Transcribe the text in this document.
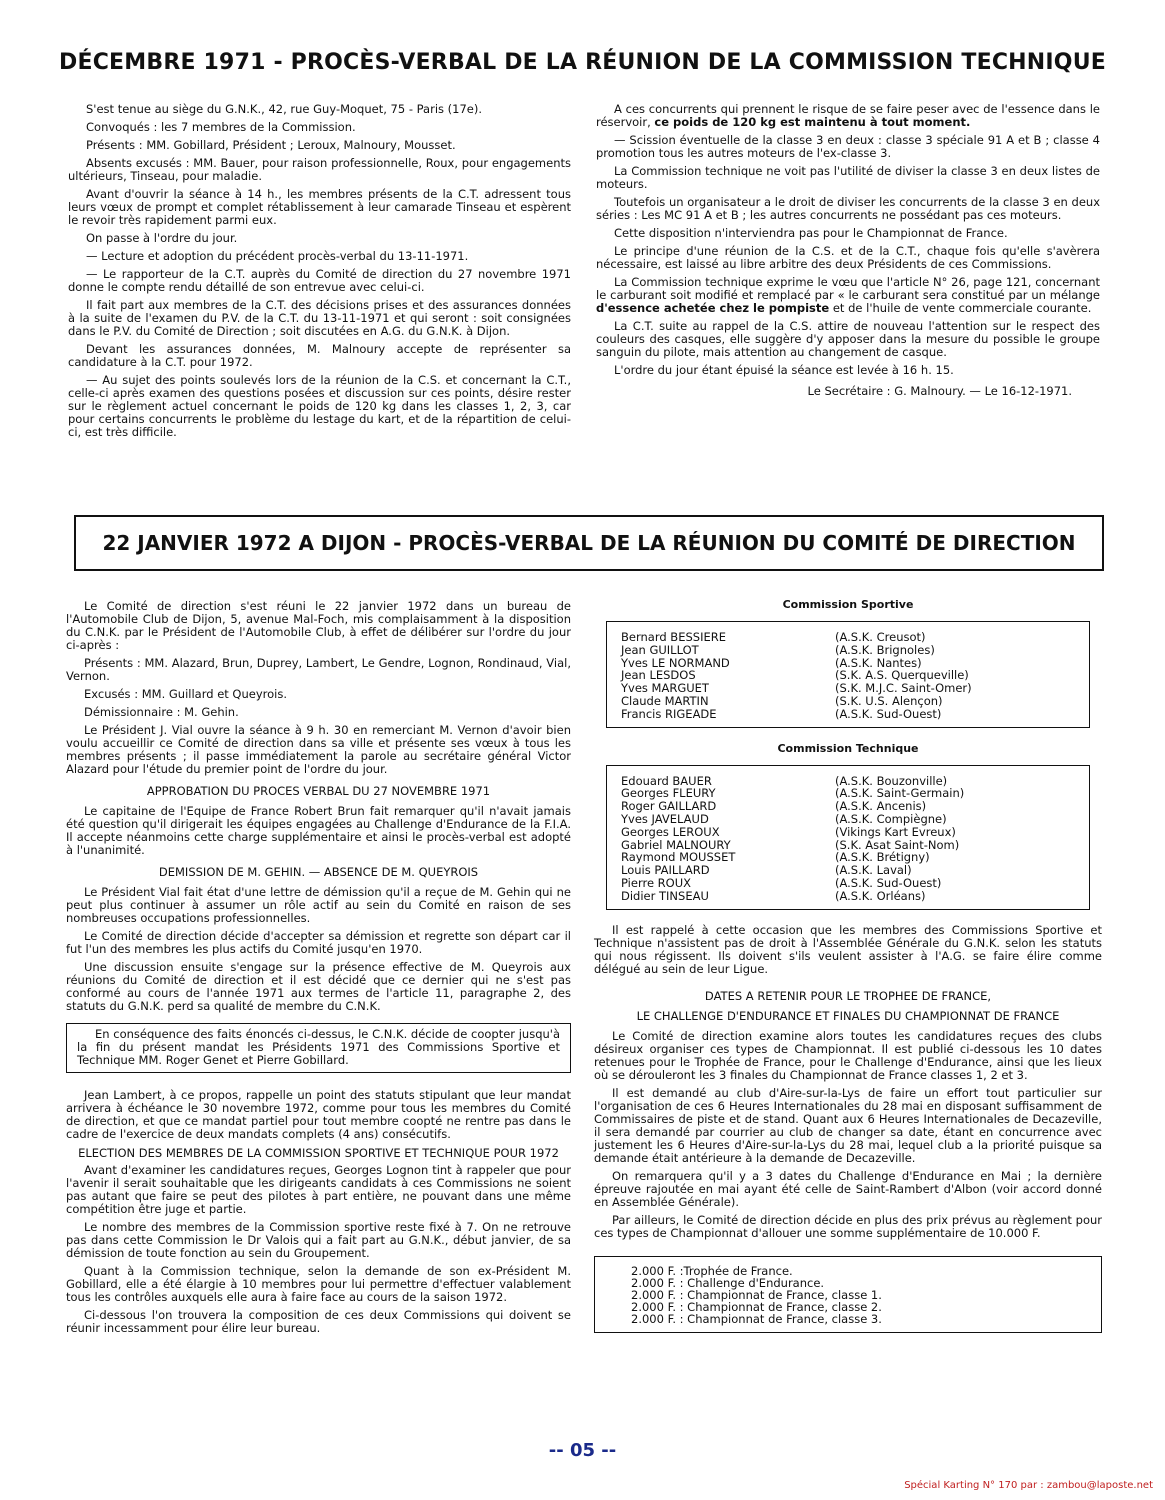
DÉCEMBRE 1971 - PROCÈS-VERBAL DE LA RÉUNION DE LA COMMISSION TECHNIQUE

S'est tenue au siège du G.N.K., 42, rue Guy-Moquet, 75 - Paris (17e).

Convoqués : les 7 membres de la Commission.

Présents : MM. Gobillard, Président ; Leroux, Malnoury, Mousset.

Absents excusés : MM. Bauer, pour raison professionnelle, Roux, pour engagements ultérieurs, Tinseau, pour maladie.

Avant d'ouvrir la séance à 14 h., les membres présents de la C.T. adressent tous leurs vœux de prompt et complet rétablissement à leur camarade Tinseau et espèrent le revoir très rapidement parmi eux.

On passe à l'ordre du jour.

— Lecture et adoption du précédent procès-verbal du 13-11-1971.

— Le rapporteur de la C.T. auprès du Comité de direction du 27 novembre 1971 donne le compte rendu détaillé de son entrevue avec celui-ci.

Il fait part aux membres de la C.T. des décisions prises et des assurances données à la suite de l'examen du P.V. de la C.T. du 13-11-1971 et qui seront : soit consignées dans le P.V. du Comité de Direction ; soit discutées en A.G. du G.N.K. à Dijon.

Devant les assurances données, M. Malnoury accepte de représenter sa candidature à la C.T. pour 1972.

— Au sujet des points soulevés lors de la réunion de la C.S. et concernant la C.T., celle-ci après examen des questions posées et discussion sur ces points, désire rester sur le règlement actuel concernant le poids de 120 kg dans les classes 1, 2, 3, car pour certains concurrents le problème du lestage du kart, et de la répartition de celui-ci, est très difficile.

A ces concurrents qui prennent le risque de se faire peser avec de l'essence dans le réservoir, ce poids de 120 kg est maintenu à tout moment.

— Scission éventuelle de la classe 3 en deux : classe 3 spéciale 91 A et B ; classe 4 promotion tous les autres moteurs de l'ex-classe 3.

La Commission technique ne voit pas l'utilité de diviser la classe 3 en deux listes de moteurs.

Toutefois un organisateur a le droit de diviser les concurrents de la classe 3 en deux séries : Les MC 91 A et B ; les autres concurrents ne possédant pas ces moteurs.

Cette disposition n'interviendra pas pour le Championnat de France.

Le principe d'une réunion de la C.S. et de la C.T., chaque fois qu'elle s'avèrera nécessaire, est laissé au libre arbitre des deux Présidents de ces Commissions.

La Commission technique exprime le vœu que l'article N° 26, page 121, concernant le carburant soit modifié et remplacé par « le carburant sera constitué par un mélange d'essence achetée chez le pompiste et de l'huile de vente commerciale courante.

La C.T. suite au rappel de la C.S. attire de nouveau l'attention sur le respect des couleurs des casques, elle suggère d'y apposer dans la mesure du possible le groupe sanguin du pilote, mais attention au changement de casque.

L'ordre du jour étant épuisé la séance est levée à 16 h. 15.

Le Secrétaire : G. Malnoury. — Le 16-12-1971.

22 JANVIER 1972 A DIJON - PROCÈS-VERBAL DE LA RÉUNION DU COMITÉ DE DIRECTION

Le Comité de direction s'est réuni le 22 janvier 1972 dans un bureau de l'Automobile Club de Dijon, 5, avenue Mal-Foch, mis complaisamment à la disposition du C.N.K. par le Président de l'Automobile Club, à effet de délibérer sur l'ordre du jour ci-après :

Présents : MM. Alazard, Brun, Duprey, Lambert, Le Gendre, Lognon, Rondinaud, Vial, Vernon.

Excusés : MM. Guillard et Queyrois.

Démissionnaire : M. Gehin.

Le Président J. Vial ouvre la séance à 9 h. 30 en remerciant M. Vernon d'avoir bien voulu accueillir ce Comité de direction dans sa ville et présente ses vœux à tous les membres présents ; il passe immédiatement la parole au secrétaire général Victor Alazard pour l'étude du premier point de l'ordre du jour.

APPROBATION DU PROCES VERBAL DU 27 NOVEMBRE 1971

Le capitaine de l'Equipe de France Robert Brun fait remarquer qu'il n'avait jamais été question qu'il dirigerait les équipes engagées au Challenge d'Endurance de la F.I.A. Il accepte néanmoins cette charge supplémentaire et ainsi le procès-verbal est adopté à l'unanimité.

DEMISSION DE M. GEHIN. — ABSENCE DE M. QUEYROIS

Le Président Vial fait état d'une lettre de démission qu'il a reçue de M. Gehin qui ne peut plus continuer à assumer un rôle actif au sein du Comité en raison de ses nombreuses occupations professionnelles.

Le Comité de direction décide d'accepter sa démission et regrette son départ car il fut l'un des membres les plus actifs du Comité jusqu'en 1970.

Une discussion ensuite s'engage sur la présence effective de M. Queyrois aux réunions du Comité de direction et il est décidé que ce dernier qui ne s'est pas conformé au cours de l'année 1971 aux termes de l'article 11, paragraphe 2, des statuts du G.N.K. perd sa qualité de membre du C.N.K.

En conséquence des faits énoncés ci-dessus, le C.N.K. décide de coopter jusqu'à la fin du présent mandat les Présidents 1971 des Commissions Sportive et Technique MM. Roger Genet et Pierre Gobillard.

Jean Lambert, à ce propos, rappelle un point des statuts stipulant que leur mandat arrivera à échéance le 30 novembre 1972, comme pour tous les membres du Comité de direction, et que ce mandat partiel pour tout membre coopté ne rentre pas dans le cadre de l'exercice de deux mandats complets (4 ans) consécutifs.

ELECTION DES MEMBRES DE LA COMMISSION SPORTIVE ET TECHNIQUE POUR 1972

Avant d'examiner les candidatures reçues, Georges Lognon tint à rappeler que pour l'avenir il serait souhaitable que les dirigeants candidats à ces Commissions ne soient pas autant que faire se peut des pilotes à part entière, ne pouvant dans une même compétition être juge et partie.

Le nombre des membres de la Commission sportive reste fixé à 7. On ne retrouve pas dans cette Commission le Dr Valois qui a fait part au G.N.K., début janvier, de sa démission de toute fonction au sein du Groupement.

Quant à la Commission technique, selon la demande de son ex-Président M. Gobillard, elle a été élargie à 10 membres pour lui permettre d'effectuer valablement tous les contrôles auxquels elle aura à faire face au cours de la saison 1972.

Ci-dessous l'on trouvera la composition de ces deux Commissions qui doivent se réunir incessamment pour élire leur bureau.

Commission Sportive
Bernard BESSIERE	(A.S.K. Creusot)
Jean GUILLOT	(A.S.K. Brignoles)
Yves LE NORMAND	(A.S.K. Nantes)
Jean LESDOS	(S.K. A.S. Querqueville)
Yves MARGUET	(S.K. M.J.C. Saint-Omer)
Claude MARTIN	(S.K. U.S. Alençon)
Francis RIGEADE	(A.S.K. Sud-Ouest)
Commission Technique
Edouard BAUER	(A.S.K. Bouzonville)
Georges FLEURY	(A.S.K. Saint-Germain)
Roger GAILLARD	(A.S.K. Ancenis)
Yves JAVELAUD	(A.S.K. Compiègne)
Georges LEROUX	(Vikings Kart Evreux)
Gabriel MALNOURY	(S.K. Asat Saint-Nom)
Raymond MOUSSET	(A.S.K. Brétigny)
Louis PAILLARD	(A.S.K. Laval)
Pierre ROUX	(A.S.K. Sud-Ouest)
Didier TINSEAU	(A.S.K. Orléans)

Il est rappelé à cette occasion que les membres des Commissions Sportive et Technique n'assistent pas de droit à l'Assemblée Générale du G.N.K. selon les statuts qui nous régissent. Ils doivent s'ils veulent assister à l'A.G. se faire élire comme délégué au sein de leur Ligue.

DATES A RETENIR POUR LE TROPHEE DE FRANCE,

LE CHALLENGE D'ENDURANCE ET FINALES DU CHAMPIONNAT DE FRANCE

Le Comité de direction examine alors toutes les candidatures reçues des clubs désireux organiser ces types de Championnat. Il est publié ci-dessous les 10 dates retenues pour le Trophée de France, pour le Challenge d'Endurance, ainsi que les lieux où se dérouleront les 3 finales du Championnat de France classes 1, 2 et 3.

Il est demandé au club d'Aire-sur-la-Lys de faire un effort tout particulier sur l'organisation de ces 6 Heures Internationales du 28 mai en disposant suffisamment de Commissaires de piste et de stand. Quant aux 6 Heures Internationales de Decazeville, il sera demandé par courrier au club de changer sa date, étant en concurrence avec justement les 6 Heures d'Aire-sur-la-Lys du 28 mai, lequel club a la priorité puisque sa demande était antérieure à la demande de Decazeville.

On remarquera qu'il y a 3 dates du Challenge d'Endurance en Mai ; la dernière épreuve rajoutée en mai ayant été celle de Saint-Rambert d'Albon (voir accord donné en Assemblée Générale).

Par ailleurs, le Comité de direction décide en plus des prix prévus au règlement pour ces types de Championnat d'allouer une somme supplémentaire de 10.000 F.

2.000 F. :Trophée de France.
2.000 F. : Challenge d'Endurance.
2.000 F. : Championnat de France, classe 1.
2.000 F. : Championnat de France, classe 2.
2.000 F. : Championnat de France, classe 3.
-- 05 --
Spécial Karting N° 170 par : zambou@laposte.net
